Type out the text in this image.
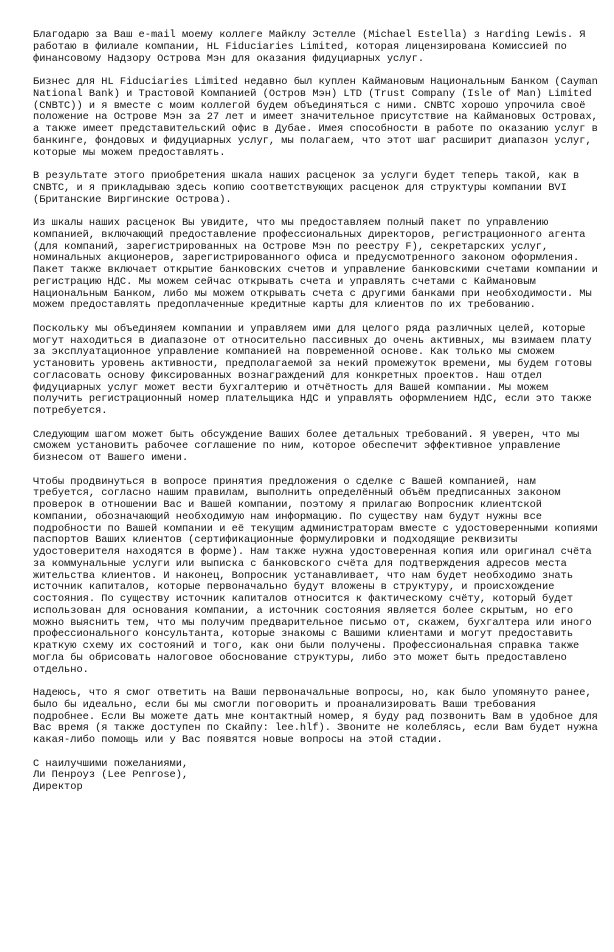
Благодарю за Ваш e-mail моему коллеге Майклу Эстелле (Michael Estella) з Harding Lewis. Я работаю в филиале компании, HL Fiduciaries Limited, которая лицензирована Комиссией по финансовому Надзору Острова Мэн для оказания фидуциарных услуг.

Бизнес для HL Fiduciaries Limited недавно был куплен Каймановым Национальным Банком (Cayman National Bank) и Трастовой Компанией (Остров Мэн) LTD (Trust Company (Isle of Man) Limited (CNBTC)) и я вместе с моим коллегой будем объединяться с ними. CNBTC хорошо упрочила своё положение на Острове Мэн за 27 лет и имеет значительное присутствие на Каймановых Островах, а также имеет представительский офис в Дубае. Имея способности в работе по оказанию услуг в банкинге, фондовых и фидуциарных услуг, мы полагаем, что этот шаг расширит диапазон услуг, которые мы можем предоставлять.

В результате этого приобретения шкала наших расценок за услуги будет теперь такой, как в CNBTC, и я прикладываю здесь копию соответствующих расценок для структуры компании BVI (Британские Виргинские Острова).

Из шкалы наших расценок Вы увидите, что мы предоставляем полный пакет по управлению компанией, включающий предоставление профессиональных директоров, регистрационного агента (для компаний, зарегистрированных на Острове Мэн по реестру F), секретарских услуг, номинальных акционеров, зарегистрированного офиса и предусмотренного законом оформления. Пакет также включает открытие банковских счетов и управление банковскими счетами компании и регистрацию НДС. Мы можем сейчас открывать счета и управлять счетами с Каймановым Национальным Банком, либо мы можем открывать счета с другими банками при необходимости. Мы можем предоставлять предоплаченные кредитные карты для клиентов по их требованию.

Поскольку мы объединяем компании и управляем ими для целого ряда различных целей, которые могут находиться в диапазоне от относительно пассивных до очень активных, мы взимаем плату за эксплуатационное управление компанией на повременной основе. Как только мы сможем установить уровень активности, предполагаемой за некий промежуток времени, мы будем готовы согласовать основу фиксированных вознаграждений для конкретных проектов. Наш отдел фидуциарных услуг может вести бухгалтерию и отчётность для Вашей компании. Мы можем получить регистрационный номер плательщика НДС и управлять оформлением НДС, если это также потребуется.

Следующим шагом может быть обсуждение Ваших более детальных требований. Я уверен, что мы сможем установить рабочее соглашение по ним, которое обеспечит эффективное управление бизнесом от Вашего имени.

Чтобы продвинуться в вопросе принятия предложения о сделке с Вашей компанией, нам требуется, согласно нашим правилам, выполнить определённый объём предписанных законом проверок в отношении Вас и Вашей компании, поэтому я прилагаю Вопросник клиентской компании, обозначающий необходимую нам информацию. По существу нам будут нужны все подробности по Вашей компании и её текущим администраторам вместе с удостоверенными копиями паспортов Ваших клиентов (сертификационные формулировки и подходящие реквизиты удостоверителя находятся в форме). Нам также нужна удостоверенная копия или оригинал счёта за коммунальные услуги или выписка с банковского счёта для подтверждения адресов места жительства клиентов. И наконец, Вопросник устанавливает, что нам будет необходимо знать источник капиталов, которые первоначально будут вложены в структуру, и происхождение состояния. По существу источник капиталов относится к фактическому счёту, который будет использован для основания компании, а источник состояния является более скрытым, но его можно выяснить тем, что мы получим предварительное письмо от, скажем, бухгалтера или иного профессионального консультанта, которые знакомы с Вашими клиентами и могут предоставить краткую схему их состояний и того, как они были получены. Профессиональная справка также могла бы обрисовать налоговое обоснование структуры, либо это может быть предоставлено отдельно.

Надеюсь, что я смог ответить на Ваши первоначальные вопросы, но, как было упомянуто ранее, было бы идеально, если бы мы смогли поговорить и проанализировать Ваши требования подробнее. Если Вы можете дать мне контактный номер, я буду рад позвонить Вам в удобное для Вас время (я также доступен по Скайпу: lee.hlf). Звоните не колеблясь, если Вам будет нужна какая-либо помощь или у Вас появятся новые вопросы на этой стадии.

С наилучшими пожеланиями,
Ли Пенроуз (Lee Penrose),
Директор
